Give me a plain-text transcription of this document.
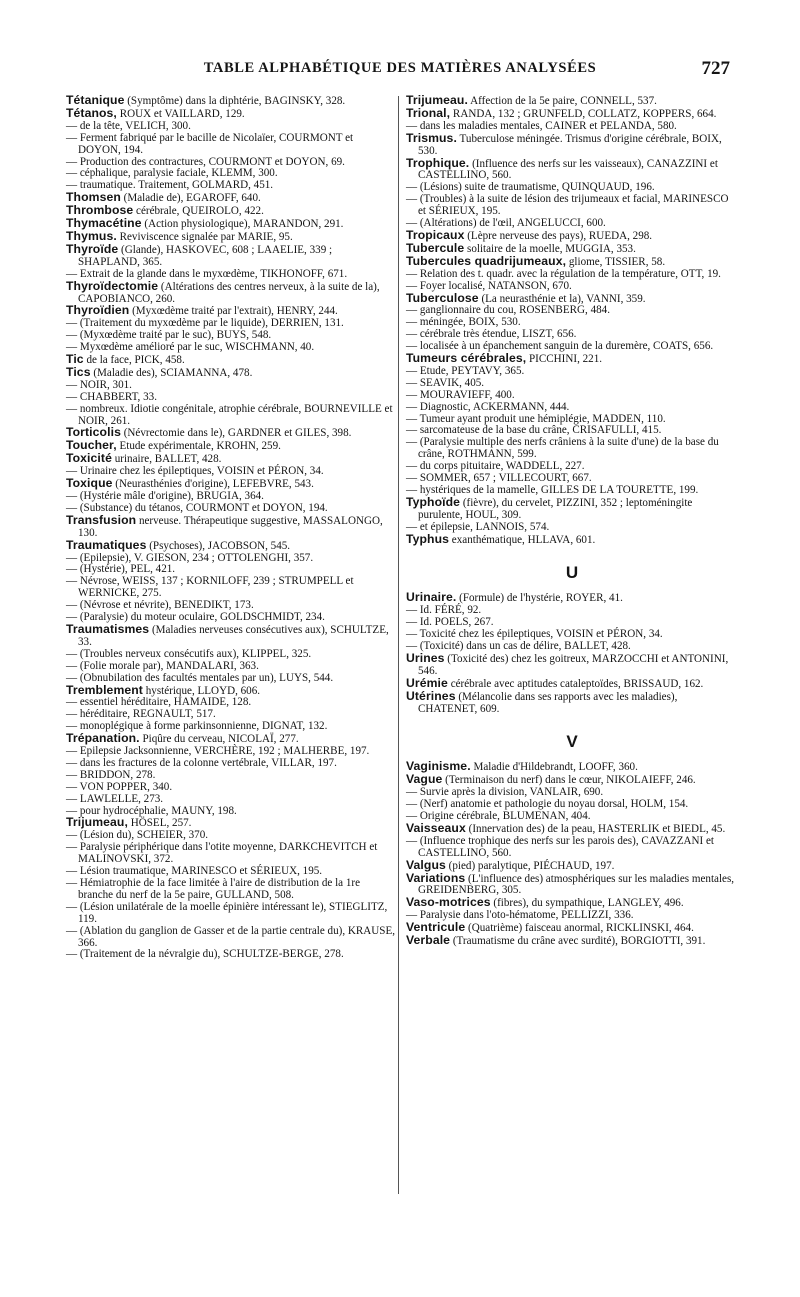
TABLE ALPHABÉTIQUE DES MATIÈRES ANALYSÉES	727

Tétanique (Symptôme) dans la diphtérie, BAGINSKY, 328.

Tétanos, ROUX et VAILLARD, 129.

— de la tête, VELICH, 300.

— Ferment fabriqué par le bacille de Nicolaïer, COURMONT et DOYON, 194.

— Production des contractures, COURMONT et DOYON, 69.

— céphalique, paralysie faciale, KLEMM, 300.

— traumatique. Traitement, GOLMARD, 451.

Thomsen (Maladie de), EGAROFF, 640.

Thrombose cérébrale, QUEIROLO, 422.

Thymacétine (Action physiologique), MARANDON, 291.

Thymus. Reviviscence signalée par MARIE, 95.

Thyroïde (Glande), HASKOVEC, 608 ; LAAELIE, 339 ; SHAPLAND, 365.

— Extrait de la glande dans le myxœdème, TIKHONOFF, 671.

Thyroïdectomie (Altérations des centres nerveux, à la suite de la), CAPOBIANCO, 260.

Thyroïdien (Myxœdème traité par l'extrait), HENRY, 244.

— (Traitement du myxœdème par le liquide), DERRIEN, 131.

— (Myxœdème traité par le suc), BUYS, 548.

— Myxœdème amélioré par le suc, WISCHMANN, 40.

Tic de la face, PICK, 458.

Tics (Maladie des), SCIAMANNA, 478.

— NOIR, 301.

— CHABBERT, 33.

— nombreux. Idiotie congénitale, atrophie cérébrale, BOURNEVILLE et NOIR, 261.

Torticolis (Névrectomie dans le), GARDNER et GILES, 398.

Toucher, Etude expérimentale, KROHN, 259.

Toxicité urinaire, BALLET, 428.

— Urinaire chez les épileptiques, VOISIN et PÉRON, 34.

Toxique (Neurasthénies d'origine), LEFEBVRE, 543.

— (Hystérie mâle d'origine), BRUGIA, 364.

— (Substance) du tétanos, COURMONT et DOYON, 194.

Transfusion nerveuse. Thérapeutique suggestive, MASSALONGO, 130.

Traumatiques (Psychoses), JACOBSON, 545.

— (Epilepsie), V. GIESON, 234 ; OTTOLENGHI, 357.

— (Hystérie), PEL, 421.

— Névrose, WEISS, 137 ; KORNILOFF, 239 ; STRUMPELL et WERNICKE, 275.

— (Névrose et névrite), BENEDIKT, 173.

— (Paralysie) du moteur oculaire, GOLDSCHMIDT, 234.

Traumatismes (Maladies nerveuses consécutives aux), SCHULTZE, 33.

— (Troubles nerveux consécutifs aux), KLIPPEL, 325.

— (Folie morale par), MANDALARI, 363.

— (Obnubilation des facultés mentales par un), LUYS, 544.

Tremblement hystérique, LLOYD, 606.

— essentiel héréditaire, HAMAIDE, 128.

— héréditaire, REGNAULT, 517.

— monoplégique à forme parkinsonnienne, DIGNAT, 132.

Trépanation. Piqûre du cerveau, NICOLAÏ, 277.

— Epilepsie Jacksonnienne, VERCHÈRE, 192 ; MALHERBE, 197.

— dans les fractures de la colonne vertébrale, VILLAR, 197.

— BRIDDON, 278.

— VON POPPER, 340.

— LAWLELLE, 273.

— pour hydrocéphalie, MAUNY, 198.

Trijumeau, HÖSEL, 257.

— (Lésion du), SCHEIER, 370.

— Paralysie périphérique dans l'otite moyenne, DARKCHEVITCH et MALINOVSKI, 372.

— Lésion traumatique, MARINESCO et SÉRIEUX, 195.

— Hémiatrophie de la face limitée à l'aire de distribution de la 1re branche du nerf de la 5e paire, GULLAND, 508.

— (Lésion unilatérale de la moelle épinière intéressant le), STIEGLITZ, 119.

— (Ablation du ganglion de Gasser et de la partie centrale du), KRAUSE, 366.

— (Traitement de la névralgie du), SCHULTZE-BERGE, 278.

Trijumeau. Affection de la 5e paire, CONNELL, 537.

Trional, RANDA, 132 ; GRUNFELD, COLLATZ, KOPPERS, 664.

— dans les maladies mentales, CAINER et PELANDA, 580.

Trismus. Tuberculose méningée. Trismus d'origine cérébrale, BOIX, 530.

Trophique. (Influence des nerfs sur les vaisseaux), CANAZZINI et CASTELLINO, 560.

— (Lésions) suite de traumatisme, QUINQUAUD, 196.

— (Troubles) à la suite de lésion des trijumeaux et facial, MARINESCO et SÉRIEUX, 195.

— (Altérations) de l'œil, ANGELUCCI, 600.

Tropicaux (Lèpre nerveuse des pays), RUEDA, 298.

Tubercule solitaire de la moelle, MUGGIA, 353.

Tubercules quadrijumeaux, gliome, TISSIER, 58.

— Relation des t. quadr. avec la régulation de la température, OTT, 19.

— Foyer localisé, NATANSON, 670.

Tuberculose (La neurasthénie et la), VANNI, 359.

— ganglionnaire du cou, ROSENBERG, 484.

— méningée, BOIX, 530.

— cérébrale très étendue, LISZT, 656.

— localisée à un épanchement sanguin de la duremère, COATS, 656.

Tumeurs cérébrales, PICCHINI, 221.

— Etude, PEYTAVY, 365.

— SEAVIK, 405.

— MOURAVIEFF, 400.

— Diagnostic, ACKERMANN, 444.

— Tumeur ayant produit une hémiplégie, MADDEN, 110.

— sarcomateuse de la base du crâne, CRISAFULLI, 415.

— (Paralysie multiple des nerfs crâniens à la suite d'une) de la base du crâne, ROTHMANN, 599.

— du corps pituitaire, WADDELL, 227.

— SOMMER, 657 ; VILLECOURT, 667.

— hystériques de la mamelle, GILLES DE LA TOURETTE, 199.

Typhoïde (fièvre), du cervelet, PIZZINI, 352 ; leptoméningite purulente, HOUL, 309.

— et épilepsie, LANNOIS, 574.

Typhus exanthématique, HLLAVA, 601.

U

Urinaire. (Formule) de l'hystérie, ROYER, 41.

— Id. FÉRÉ, 92.

— Id. POELS, 267.

— Toxicité chez les épileptiques, VOISIN et PÉRON, 34.

— (Toxicité) dans un cas de délire, BALLET, 428.

Urines (Toxicité des) chez les goitreux, MARZOCCHI et ANTONINI, 546.

Urémie cérébrale avec aptitudes cataleptoïdes, BRISSAUD, 162.

Utérines (Mélancolie dans ses rapports avec les maladies), CHATENET, 609.

V

Vaginisme. Maladie d'Hildebrandt, LOOFF, 360.

Vague (Terminaison du nerf) dans le cœur, NIKOLAIEFF, 246.

— Survie après la division, VANLAIR, 690.

— (Nerf) anatomie et pathologie du noyau dorsal, HOLM, 154.

— Origine cérébrale, BLUMENAN, 404.

Vaisseaux (Innervation des) de la peau, HASTERLIK et BIEDL, 45.

— (Influence trophique des nerfs sur les parois des), CAVAZZANI et CASTELLINO, 560.

Valgus (pied) paralytique, PIÉCHAUD, 197.

Variations (L'influence des) atmosphériques sur les maladies mentales, GREIDENBERG, 305.

Vaso-motrices (fibres), du sympathique, LANGLEY, 496.

— Paralysie dans l'oto-hématome, PELLIZZI, 336.

Ventricule (Quatrième) faisceau anormal, RICKLINSKI, 464.

Verbale (Traumatisme du crâne avec surdité), BORGIOTTI, 391.
